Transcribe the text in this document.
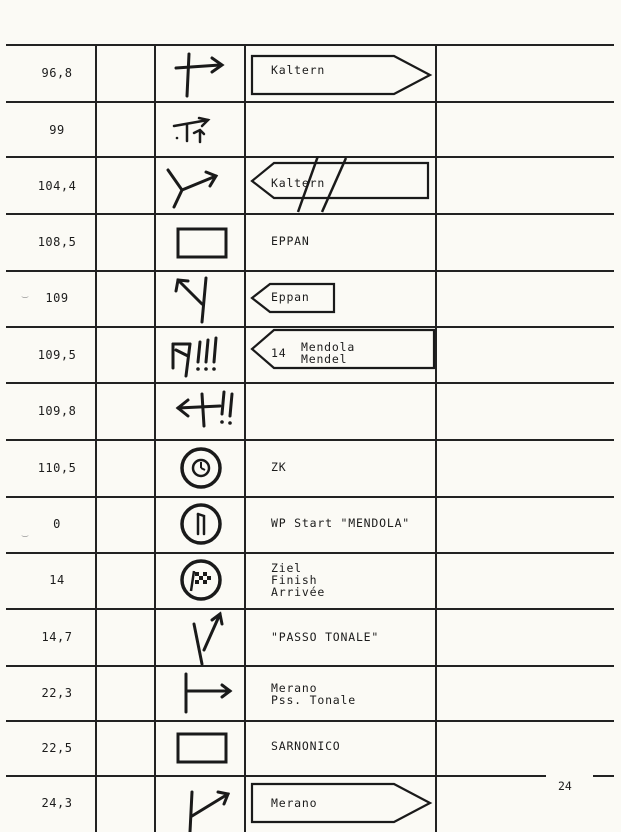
96,8
99
104,4
108,5
109
109,5
109,8
110,5
0
14
14,7
22,3
22,5
24,3
‿
‿
Kaltern
Kaltern
Eppan
14 Mendola
Mendel
Merano
EPPAN
ZK
WP Start "MENDOLA"
Ziel
Finish
Arrivée
"PASSO TONALE"
Merano
Pss. Tonale
SARNONICO
24
